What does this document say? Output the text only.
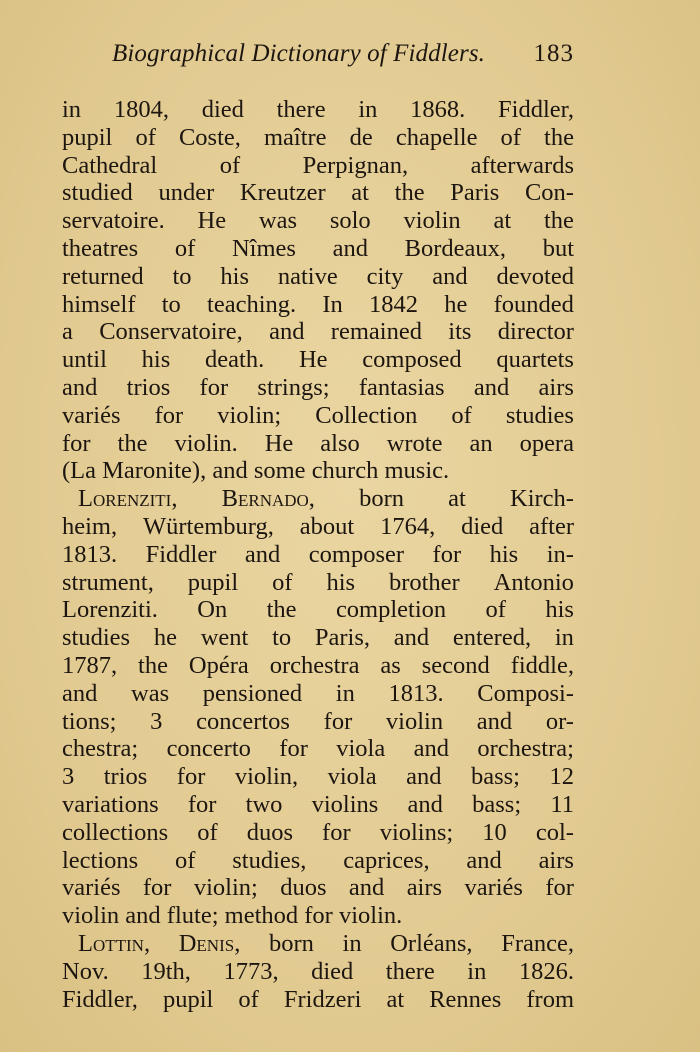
Biographical Dictionary of Fiddlers. 183
in 1804, died there in 1868. Fiddler,
pupil of Coste, maître de chapelle of the
Cathedral	of	Perpignan,	afterwards
studied under Kreutzer at the Paris Con-
servatoire. He was solo violin at the
theatres of Nîmes and Bordeaux, but
returned to his native city and devoted
himself to teaching. In 1842 he founded
a Conservatoire, and remained its director
until his death. He composed quartets
and trios for strings; fantasias and airs
variés for violin; Collection of studies
for the violin. He also wrote an opera
(La
Maronite),
and
some
church
music.
Lorenziti, Bernado, born at Kirch-
heim, Würtemburg, about 1764, died after
1813. Fiddler and composer for his in-
strument, pupil of his brother Antonio
Lorenziti. On the completion of his
studies he went to Paris, and entered, in
1787, the Opéra orchestra as second fiddle,
and was pensioned in 1813. Composi-
tions; 3 concertos for violin and or-
chestra; concerto for viola and orchestra;
3 trios for violin, viola and bass; 12
variations for two violins and bass; 11
collections of duos for violins; 10 col-
lections of studies, caprices, and airs
variés for violin; duos and airs variés for
violin
and
flute;
method
for
violin.
Lottin, Denis, born in Orléans, France,
Nov. 19th, 1773, died there in 1826.
Fiddler, pupil of Fridzeri at Rennes from
